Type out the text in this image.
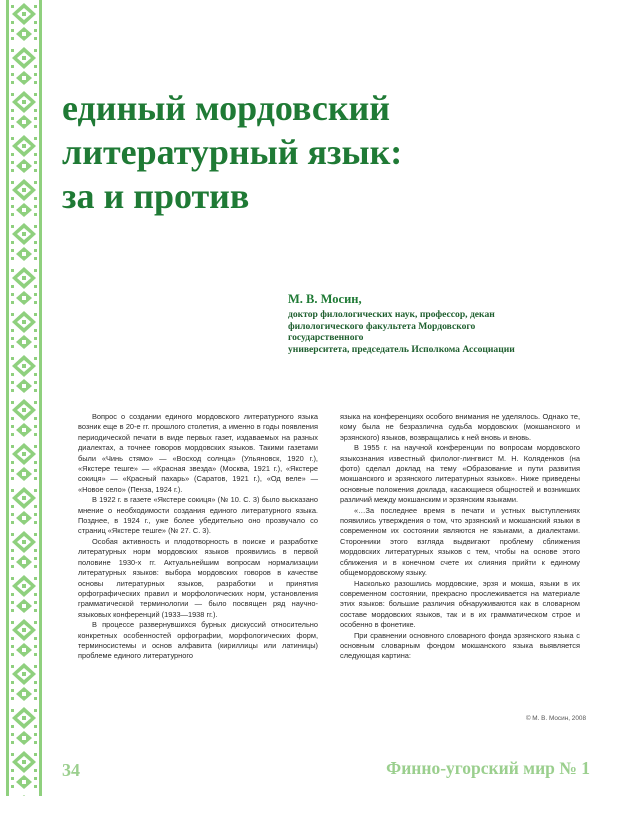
единый мордовский
литературный язык:
за и против
М. В. Мосин,
доктор филологических наук, профессор, декан
филологического факультета Мордовского
государственного
университета, председатель Исполкома Ассоциации

Вопрос о создании единого мордовского литературного языка возник еще в 20-е гг. прошлого столетия, а именно в годы появления периодической печати в виде первых газет, издаваемых на разных диалектах, а точнее говоров мордовских языков. Такими газетами были «Чинь стямо» — «Восход солнца» (Ульяновск, 1920 г.), «Якстере тешге» — «Красная звезда» (Москва, 1921 г.), «Якстере сокиця» — «Красный пахарь» (Саратов, 1921 г.), «Од веле» — «Новое село» (Пенза, 1924 г.).

В 1922 г. в газете «Якстере сокиця» (№ 10. С. 3) было высказано мнение о необходимости создания единого литературного языка. Позднее, в 1924 г., уже более убедительно оно прозвучало со страниц «Якстере тешге» (№ 27. С. 3).

Особая активность и плодотворность в поиске и разработке литературных норм мордовских языков проявились в первой половине 1930-х гг. Актуальнейшим вопросам нормализации литературных языков: выбора мордовских говоров в качестве основы литературных языков, разработки и принятия орфографических правил и морфологических норм, установления грамматической терминологии — было посвящен ряд научно-языковых конференций (1933—1938 гг.).

В процессе развернувшихся бурных дискуссий относительно конкретных особенностей орфографии, морфологических форм, терминосистемы и основ алфавита (кириллицы или латиницы) проблеме единого литературного

языка на конференциях особого внимания не уделялось. Однако те, кому была не безразлична судьба мордовских (мокшанского и эрзянского) языков, возвращались к ней вновь и вновь.

В 1955 г. на научной конференции по вопросам мордовского языкознания известный филолог-лингвист М. Н. Коляденков (на фото) сделал доклад на тему «Образование и пути развития мокшанского и эрзянского литературных языков». Ниже приведены основные положения доклада, касающиеся общностей и возникших различий между мокшанским и эрзянским языками.

«…За последнее время в печати и устных выступлениях появились утверждения о том, что эрзянский и мокшанский языки в современном их состоянии являются не языками, а диалектами. Сторонники этого взгляда выдвигают проблему сближения мордовских литературных языков с тем, чтобы на основе этого сближения и в конечном счете их слияния прийти к единому общемордовскому языку.

Насколько разошлись мордовские, эрзя и мокша, языки в их современном состоянии, прекрасно прослеживается на материале этих языков: большие различия обнаруживаются как в словарном составе мордовских языков, так и в их грамматическом строе и особенно в фонетике.

При сравнении основного словарного фонда эрзянского языка с основным словарным фондом мокшанского языка выявляется следующая картина:

© М. В. Мосин, 2008
34	Финно-угорский мир № 1
